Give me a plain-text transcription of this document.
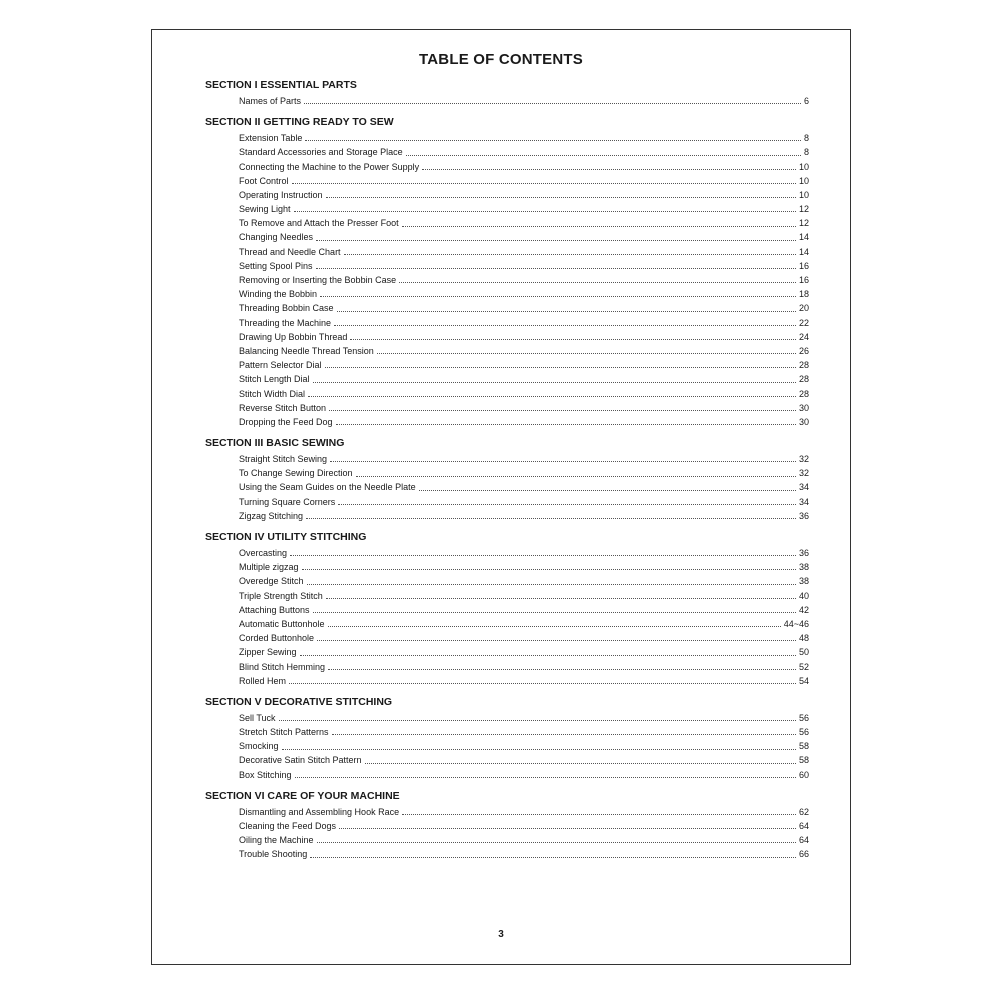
TABLE OF CONTENTS
SECTION I ESSENTIAL PARTS
Names of Parts	6
SECTION II GETTING READY TO SEW
Extension Table	8
Standard Accessories and Storage Place	8
Connecting the Machine to the Power Supply	10
Foot Control	10
Operating Instruction	10
Sewing Light	12
To Remove and Attach the Presser Foot	12
Changing Needles	14
Thread and Needle Chart	14
Setting Spool Pins	16
Removing or Inserting the Bobbin Case	16
Winding the Bobbin	18
Threading Bobbin Case	20
Threading the Machine	22
Drawing Up Bobbin Thread	24
Balancing Needle Thread Tension	26
Pattern Selector Dial	28
Stitch Length Dial	28
Stitch Width Dial	28
Reverse Stitch Button	30
Dropping the Feed Dog	30
SECTION III BASIC SEWING
Straight Stitch Sewing	32
To Change Sewing Direction	32
Using the Seam Guides on the Needle Plate	34
Turning Square Corners	34
Zigzag Stitching	36
SECTION IV UTILITY STITCHING
Overcasting	36
Multiple zigzag	38
Overedge Stitch	38
Triple Strength Stitch	40
Attaching Buttons	42
Automatic Buttonhole	44~46
Corded Buttonhole	48
Zipper Sewing	50
Blind Stitch Hemming	52
Rolled Hem	54
SECTION V DECORATIVE STITCHING
Sell Tuck	56
Stretch Stitch Patterns	56
Smocking	58
Decorative Satin Stitch Pattern	58
Box Stitching	60
SECTION VI CARE OF YOUR MACHINE
Dismantling and Assembling Hook Race	62
Cleaning the Feed Dogs	64
Oiling the Machine	64
Trouble Shooting	66
3
